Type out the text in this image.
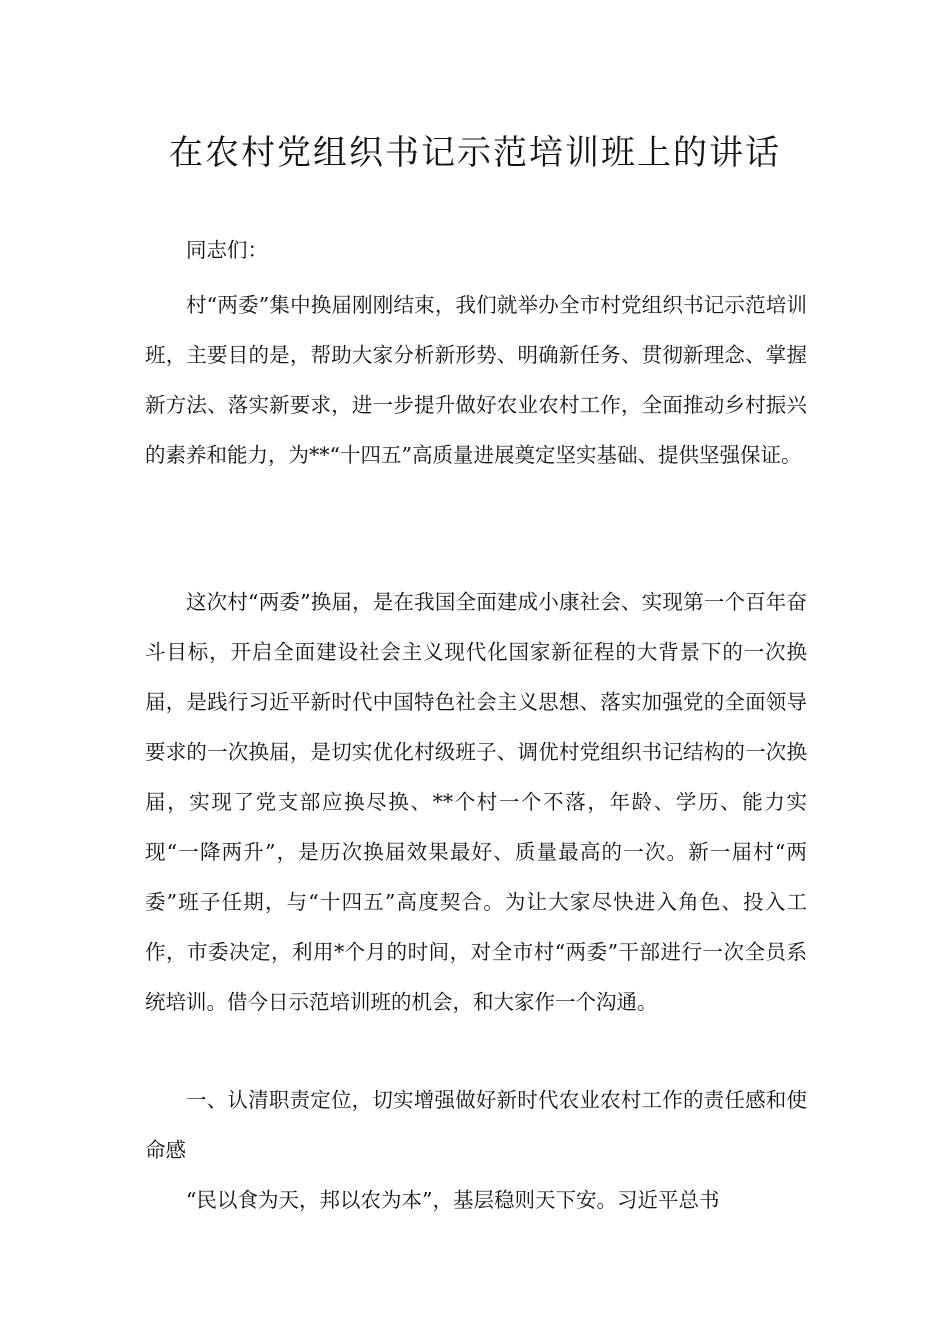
在农村党组织书记示范培训班上的讲话

同志们：

村“两委”集中换届刚刚结束，我们就举办全市村党组织书记示范培训班，主要目的是，帮助大家分析新形势、明确新任务、贯彻新理念、掌握新方法、落实新要求，进一步提升做好农业农村工作，全面推动乡村振兴的素养和能力，为**“十四五”高质量进展奠定坚实基础、提供坚强保证。

这次村“两委”换届，是在我国全面建成小康社会、实现第一个百年奋斗目标，开启全面建设社会主义现代化国家新征程的大背景下的一次换届，是践行习近平新时代中国特色社会主义思想、落实加强党的全面领导要求的一次换届，是切实优化村级班子、调优村党组织书记结构的一次换届，实现了党支部应换尽换、**个村一个不落，年龄、学历、能力实现“一降两升”，是历次换届效果最好、质量最高的一次。新一届村“两委”班子任期，与“十四五”高度契合。为让大家尽快进入角色、投入工作，市委决定，利用*个月的时间，对全市村“两委”干部进行一次全员系统培训。借今日示范培训班的机会，和大家作一个沟通。

一、认清职责定位，切实增强做好新时代农业农村工作的责任感和使命感

“民以食为天，邦以农为本”，基层稳则天下安。习近平总书
